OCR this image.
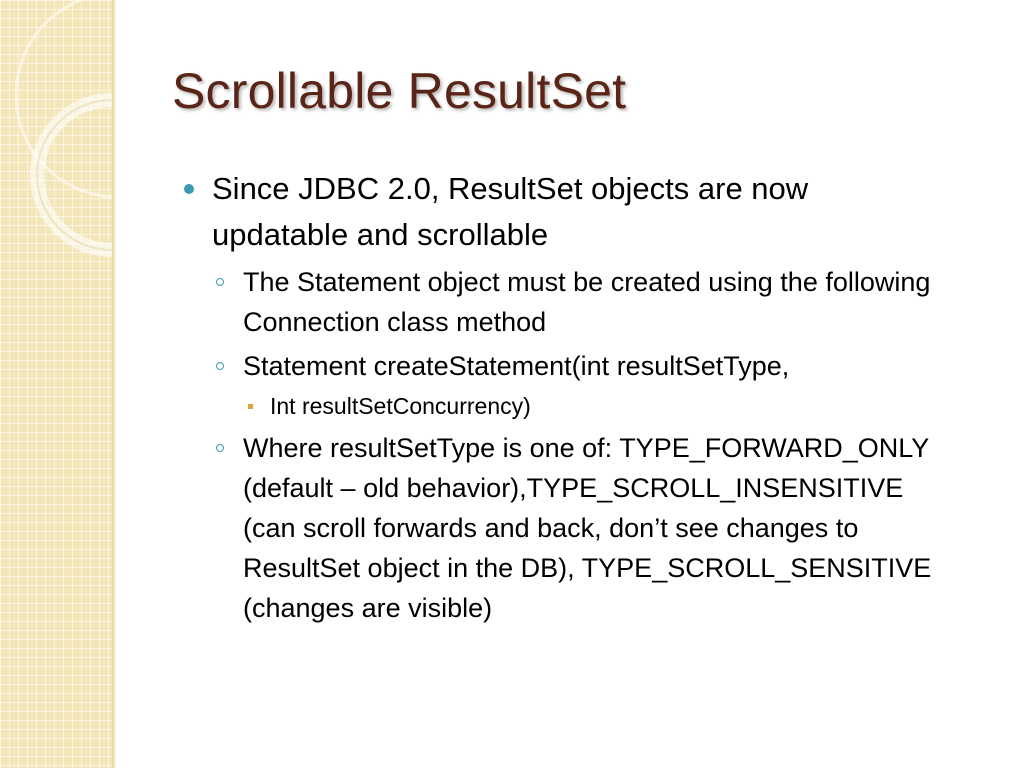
Scrollable ResultSet
Since JDBC 2.0, ResultSet objects are now updatable and scrollable
The Statement object must be created using the following Connection class method
Statement createStatement(int resultSetType,
Int resultSetConcurrency)
Where resultSetType is one of: TYPE_FORWARD_ONLY (default – old behavior),TYPE_SCROLL_INSENSITIVE (can scroll forwards and back, don’t see changes to ResultSet object in the DB), TYPE_SCROLL_SENSITIVE (changes are visible)
